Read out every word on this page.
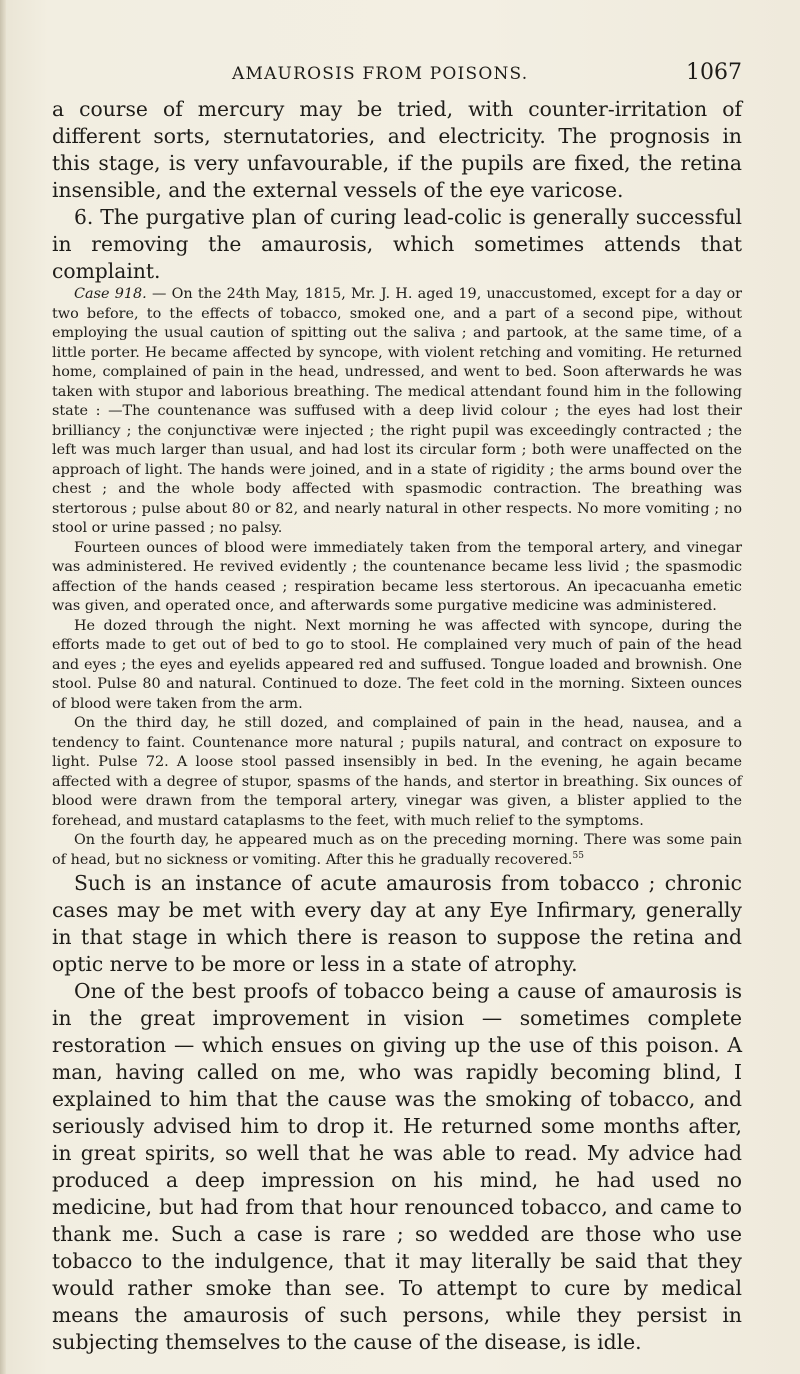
AMAUROSIS FROM POISONS.	1067

a course of mercury may be tried, with counter-irritation of different sorts, sternutatories, and electricity. The prognosis in this stage, is very unfavourable, if the pupils are fixed, the retina insensible, and the external vessels of the eye varicose.

6. The purgative plan of curing lead-colic is generally successful in removing the amaurosis, which sometimes attends that complaint.

Case 918. — On the 24th May, 1815, Mr. J. H. aged 19, unaccustomed, except for a day or two before, to the effects of tobacco, smoked one, and a part of a second pipe, without employing the usual caution of spitting out the saliva ; and partook, at the same time, of a little porter. He became affected by syncope, with violent retching and vomiting. He returned home, complained of pain in the head, undressed, and went to bed. Soon afterwards he was taken with stupor and laborious breathing. The medical attendant found him in the following state : —The countenance was suffused with a deep livid colour ; the eyes had lost their brilliancy ; the conjunctivæ were injected ; the right pupil was exceedingly contracted ; the left was much larger than usual, and had lost its circular form ; both were unaffected on the approach of light. The hands were joined, and in a state of rigidity ; the arms bound over the chest ; and the whole body affected with spasmodic contraction. The breathing was stertorous ; pulse about 80 or 82, and nearly natural in other respects. No more vomiting ; no stool or urine passed ; no palsy.

Fourteen ounces of blood were immediately taken from the temporal artery, and vinegar was administered. He revived evidently ; the countenance became less livid ; the spasmodic affection of the hands ceased ; respiration became less stertorous. An ipecacuanha emetic was given, and operated once, and afterwards some purgative medicine was administered.

He dozed through the night. Next morning he was affected with syncope, during the efforts made to get out of bed to go to stool. He complained very much of pain of the head and eyes ; the eyes and eyelids appeared red and suffused. Tongue loaded and brownish. One stool. Pulse 80 and natural. Continued to doze. The feet cold in the morning. Sixteen ounces of blood were taken from the arm.

On the third day, he still dozed, and complained of pain in the head, nausea, and a tendency to faint. Countenance more natural ; pupils natural, and contract on exposure to light. Pulse 72. A loose stool passed insensibly in bed. In the evening, he again became affected with a degree of stupor, spasms of the hands, and stertor in breathing. Six ounces of blood were drawn from the temporal artery, vinegar was given, a blister applied to the forehead, and mustard cataplasms to the feet, with much relief to the symptoms.

On the fourth day, he appeared much as on the preceding morning. There was some pain of head, but no sickness or vomiting. After this he gradually recovered.$^{55}$

Such is an instance of acute amaurosis from tobacco ; chronic cases may be met with every day at any Eye Infirmary, generally in that stage in which there is reason to suppose the retina and optic nerve to be more or less in a state of atrophy.

One of the best proofs of tobacco being a cause of amaurosis is in the great improvement in vision — sometimes complete restoration — which ensues on giving up the use of this poison. A man, having called on me, who was rapidly becoming blind, I explained to him that the cause was the smoking of tobacco, and seriously advised him to drop it. He returned some months after, in great spirits, so well that he was able to read. My advice had produced a deep impression on his mind, he had used no medicine, but had from that hour renounced tobacco, and came to thank me. Such a case is rare ; so wedded are those who use tobacco to the indulgence, that it may literally be said that they would rather smoke than see. To attempt to cure by medical means the amaurosis of such persons, while they persist in subjecting themselves to the cause of the disease, is idle.
